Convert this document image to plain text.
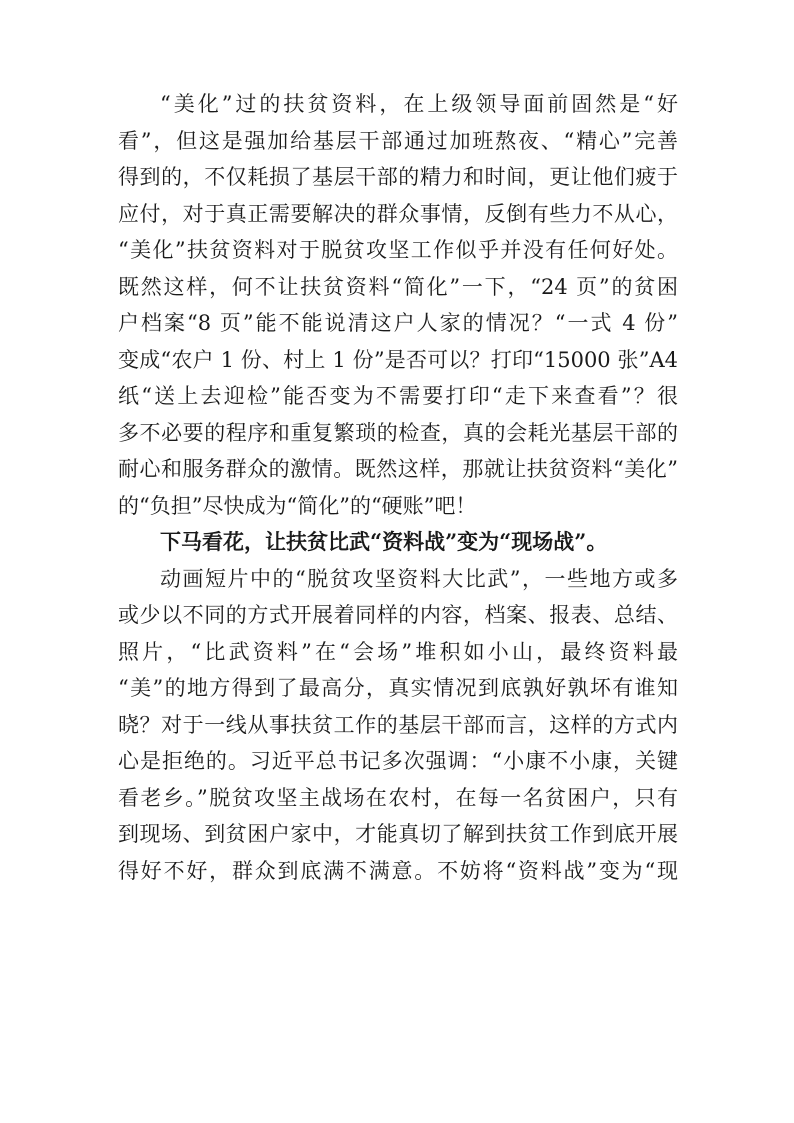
“美化”过的扶贫资料，在上级领导面前固然是“好
看”，但这是强加给基层干部通过加班熬夜、“精心”完善
得到的，不仅耗损了基层干部的精力和时间，更让他们疲于
应付，对于真正需要解决的群众事情，反倒有些力不从心，
“美化”扶贫资料对于脱贫攻坚工作似乎并没有任何好处。
既然这样，何不让扶贫资料“简化”一下，“24 页”的贫困
户档案“8 页”能不能说清这户人家的情况？“一式 4 份”
变成“农户 1 份、村上 1 份”是否可以？打印“15000 张”A4
纸“送上去迎检”能否变为不需要打印“走下来查看”？很
多不必要的程序和重复繁琐的检查，真的会耗光基层干部的
耐心和服务群众的激情。既然这样，那就让扶贫资料“美化”
的“负担”尽快成为“简化”的“硬账”吧！
下马看花，让扶贫比武“资料战”变为“现场战”。
动画短片中的“脱贫攻坚资料大比武”，一些地方或多
或少以不同的方式开展着同样的内容，档案、报表、总结、
照片，“比武资料”在“会场”堆积如小山，最终资料最
“美”的地方得到了最高分，真实情况到底孰好孰坏有谁知
晓？对于一线从事扶贫工作的基层干部而言，这样的方式内
心是拒绝的。习近平总书记多次强调：“小康不小康，关键
看老乡。”脱贫攻坚主战场在农村，在每一名贫困户，只有
到现场、到贫困户家中，才能真切了解到扶贫工作到底开展
得好不好，群众到底满不满意。不妨将“资料战”变为“现
